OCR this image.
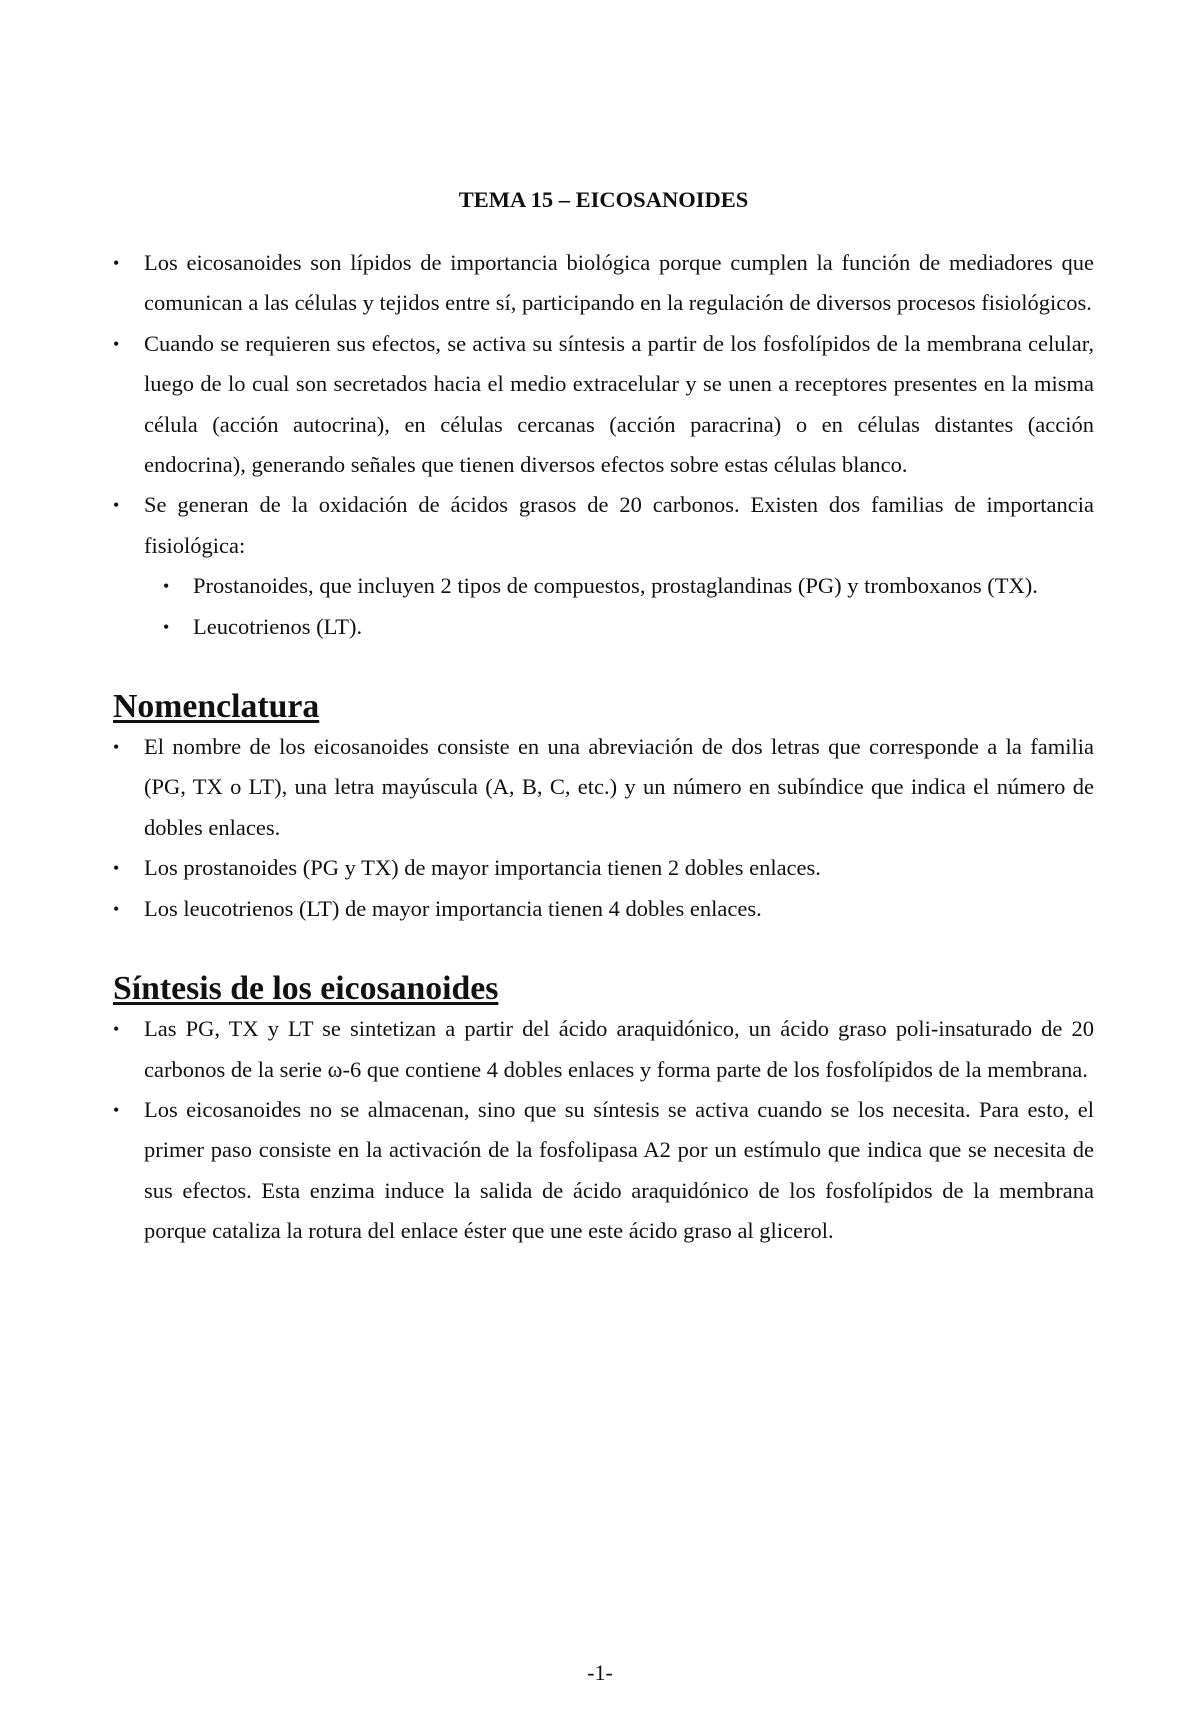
TEMA 15 – EICOSANOIDES
•	Los eicosanoides son lípidos de importancia biológica porque cumplen la función de mediadores que comunican a las células y tejidos entre sí, participando en la regulación de diversos procesos fisiológicos.
•	Cuando se requieren sus efectos, se activa su síntesis a partir de los fosfolípidos de la membrana celular, luego de lo cual son secretados hacia el medio extracelular y se unen a receptores presentes en la misma célula (acción autocrina), en células cercanas (acción paracrina) o en células distantes (acción endocrina), generando señales que tienen diversos efectos sobre estas células blanco.
•	Se generan de la oxidación de ácidos grasos de 20 carbonos. Existen dos familias de importancia fisiológica:
•	Prostanoides, que incluyen 2 tipos de compuestos, prostaglandinas (PG) y tromboxanos (TX).
•	Leucotrienos (LT).
Nomenclatura
•	El nombre de los eicosanoides consiste en una abreviación de dos letras que corresponde a la familia (PG, TX o LT), una letra mayúscula (A, B, C, etc.) y un número en subíndice que indica el número de dobles enlaces.
•	Los prostanoides (PG y TX) de mayor importancia tienen 2 dobles enlaces.
•	Los leucotrienos (LT) de mayor importancia tienen 4 dobles enlaces.
Síntesis de los eicosanoides
•	Las PG, TX y LT se sintetizan a partir del ácido araquidónico, un ácido graso poli-insaturado de 20 carbonos de la serie ω-6 que contiene 4 dobles enlaces y forma parte de los fosfolípidos de la membrana.
•	Los eicosanoides no se almacenan, sino que su síntesis se activa cuando se los necesita. Para esto, el primer paso consiste en la activación de la fosfolipasa A2 por un estímulo que indica que se necesita de sus efectos. Esta enzima induce la salida de ácido araquidónico de los fosfolípidos de la membrana porque cataliza la rotura del enlace éster que une este ácido graso al glicerol.
-1-
